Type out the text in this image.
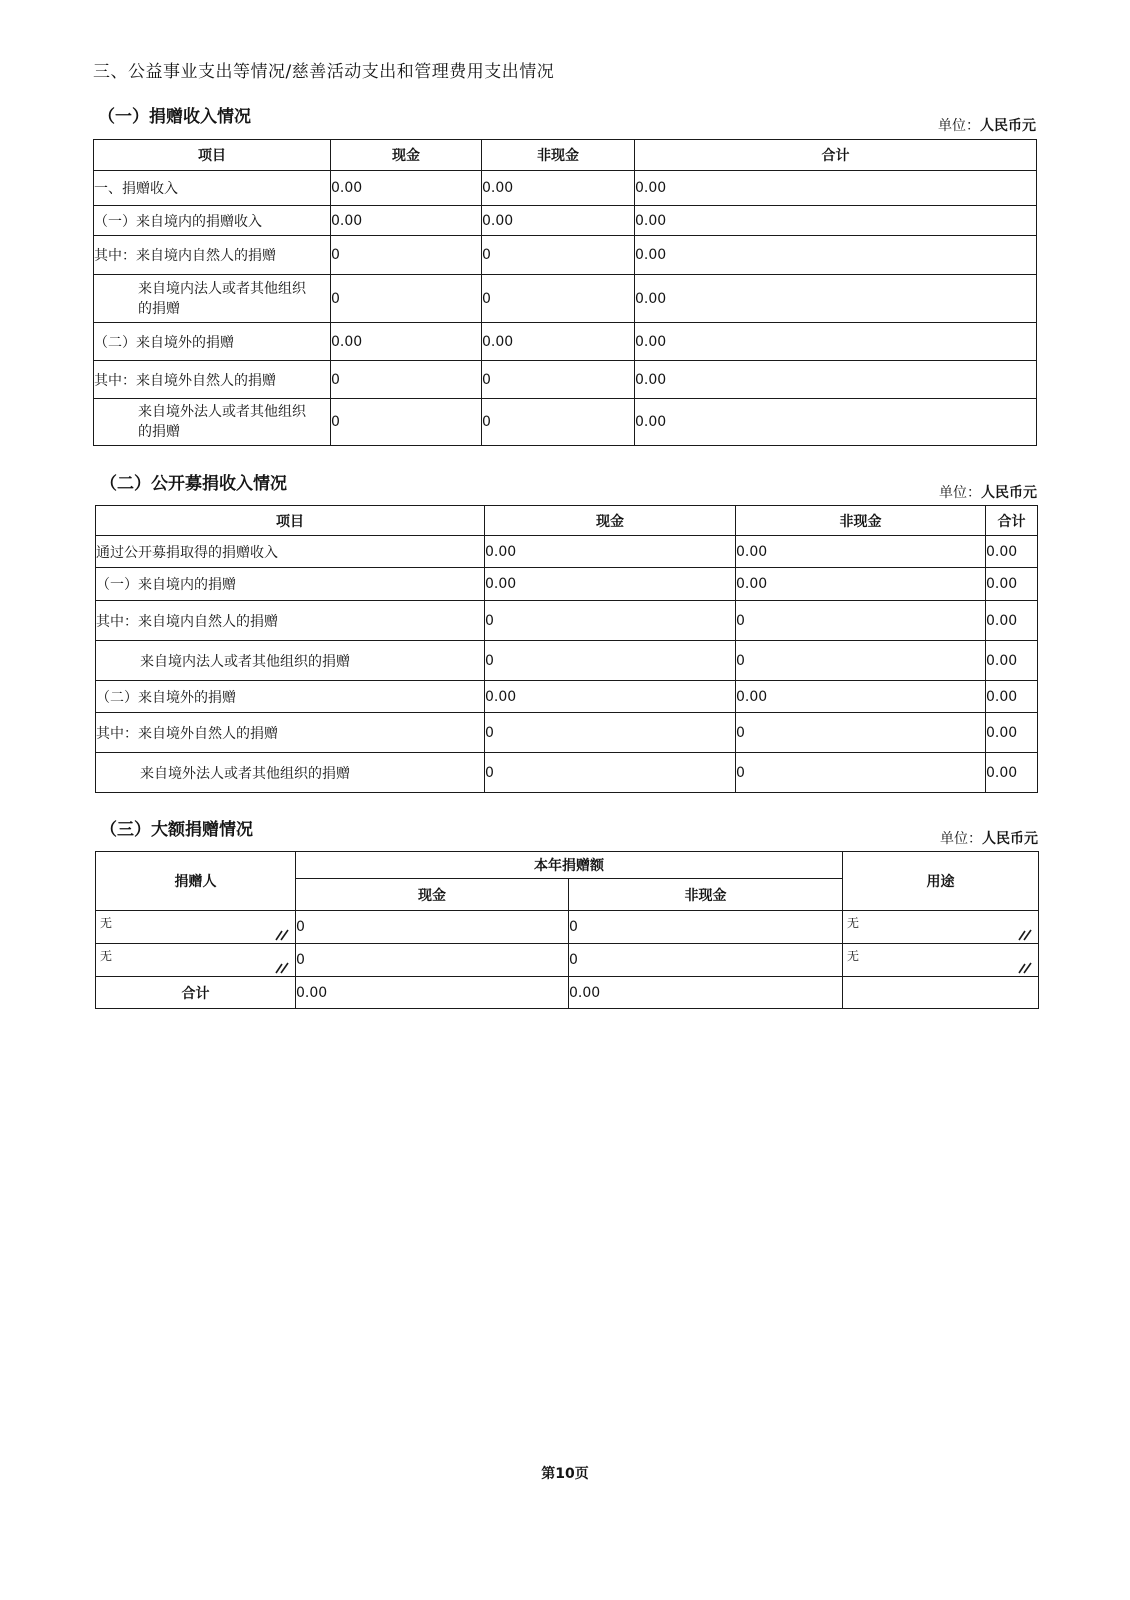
三、公益事业支出等情况/慈善活动支出和管理费用支出情况
（一）捐赠收入情况	单位：人民币元
项目	现金	非现金	合计
一、捐赠收入	0.00	0.00	0.00
（一）来自境内的捐赠收入	0.00	0.00	0.00
其中：来自境内自然人的捐赠	0	0	0.00
来自境内法人或者其他组织的捐赠	0	0	0.00
（二）来自境外的捐赠	0.00	0.00	0.00
其中：来自境外自然人的捐赠	0	0	0.00
来自境外法人或者其他组织的捐赠	0	0	0.00
（二）公开募捐收入情况	单位：人民币元
项目	现金	非现金	合计
通过公开募捐取得的捐赠收入	0.00	0.00	0.00
（一）来自境内的捐赠	0.00	0.00	0.00
其中：来自境内自然人的捐赠	0	0	0.00
来自境内法人或者其他组织的捐赠	0	0	0.00
（二）来自境外的捐赠	0.00	0.00	0.00
其中：来自境外自然人的捐赠	0	0	0.00
来自境外法人或者其他组织的捐赠	0	0	0.00
（三）大额捐赠情况	单位：人民币元
捐赠人	本年捐赠额		用途
	现金	非现金	

无	0	0	无

无	0	0	无

合计	0.00	0.00	
第10页
